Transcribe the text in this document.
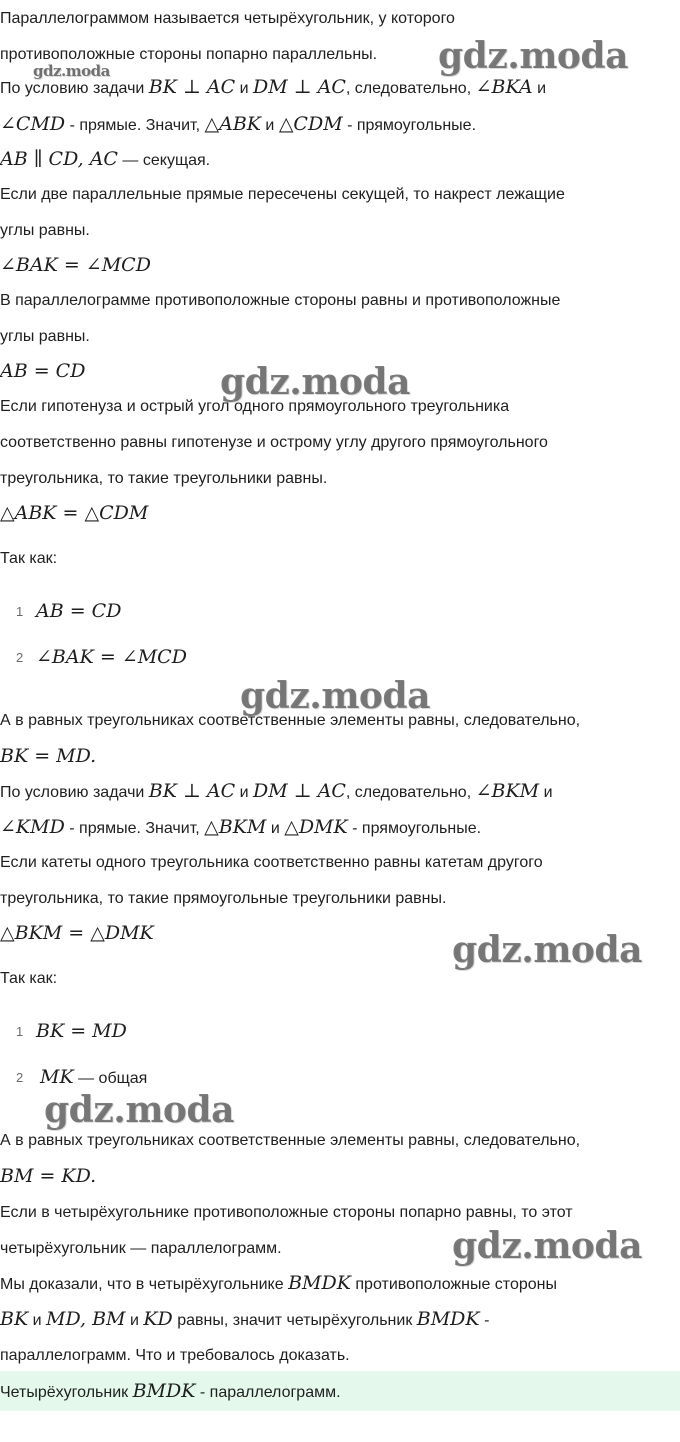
Параллелограммом называется четырёхугольник, у которого
противоположные стороны попарно параллельны.
По условию задачи BK ⊥ AC и DM ⊥ AC, следовательно, ∠BKA и
∠CMD - прямые. Значит, △ABK и △CDM - прямоугольные.
AB ∥ CD, AC — секущая.
Если две параллельные прямые пересечены секущей, то накрест лежащие
углы равны.
∠BAK = ∠MCD
В параллелограмме противоположные стороны равны и противоположные
углы равны.
AB = CD
Если гипотенуза и острый угол одного прямоугольного треугольника
соответственно равны гипотенузе и острому углу другого прямоугольного
треугольника, то такие треугольники равны.
△ABK = △CDM
Так как:
1 AB = CD
2 ∠BAK = ∠MCD
А в равных треугольниках соответственные элементы равны, следовательно,
BK = MD.
По условию задачи BK ⊥ AC и DM ⊥ AC, следовательно, ∠BKM и
∠KMD - прямые. Значит, △BKM и △DMK - прямоугольные.
Если катеты одного треугольника соответственно равны катетам другого
треугольника, то такие прямоугольные треугольники равны.
△BKM = △DMK
Так как:
1 BK = MD
2 MK — общая
А в равных треугольниках соответственные элементы равны, следовательно,
BM = KD.
Если в четырёхугольнике противоположные стороны попарно равны, то этот
четырёхугольник — параллелограмм.
Мы доказали, что в четырёхугольнике BMDK противоположные стороны
BK и MD, BM и KD равны, значит четырёхугольник BMDK -
параллелограмм. Что и требовалось доказать.
Четырёхугольник BMDK - параллелограмм.
gdz.moda
gdz.moda
gdz.moda
gdz.moda
gdz.moda
gdz.moda
gdz.moda
